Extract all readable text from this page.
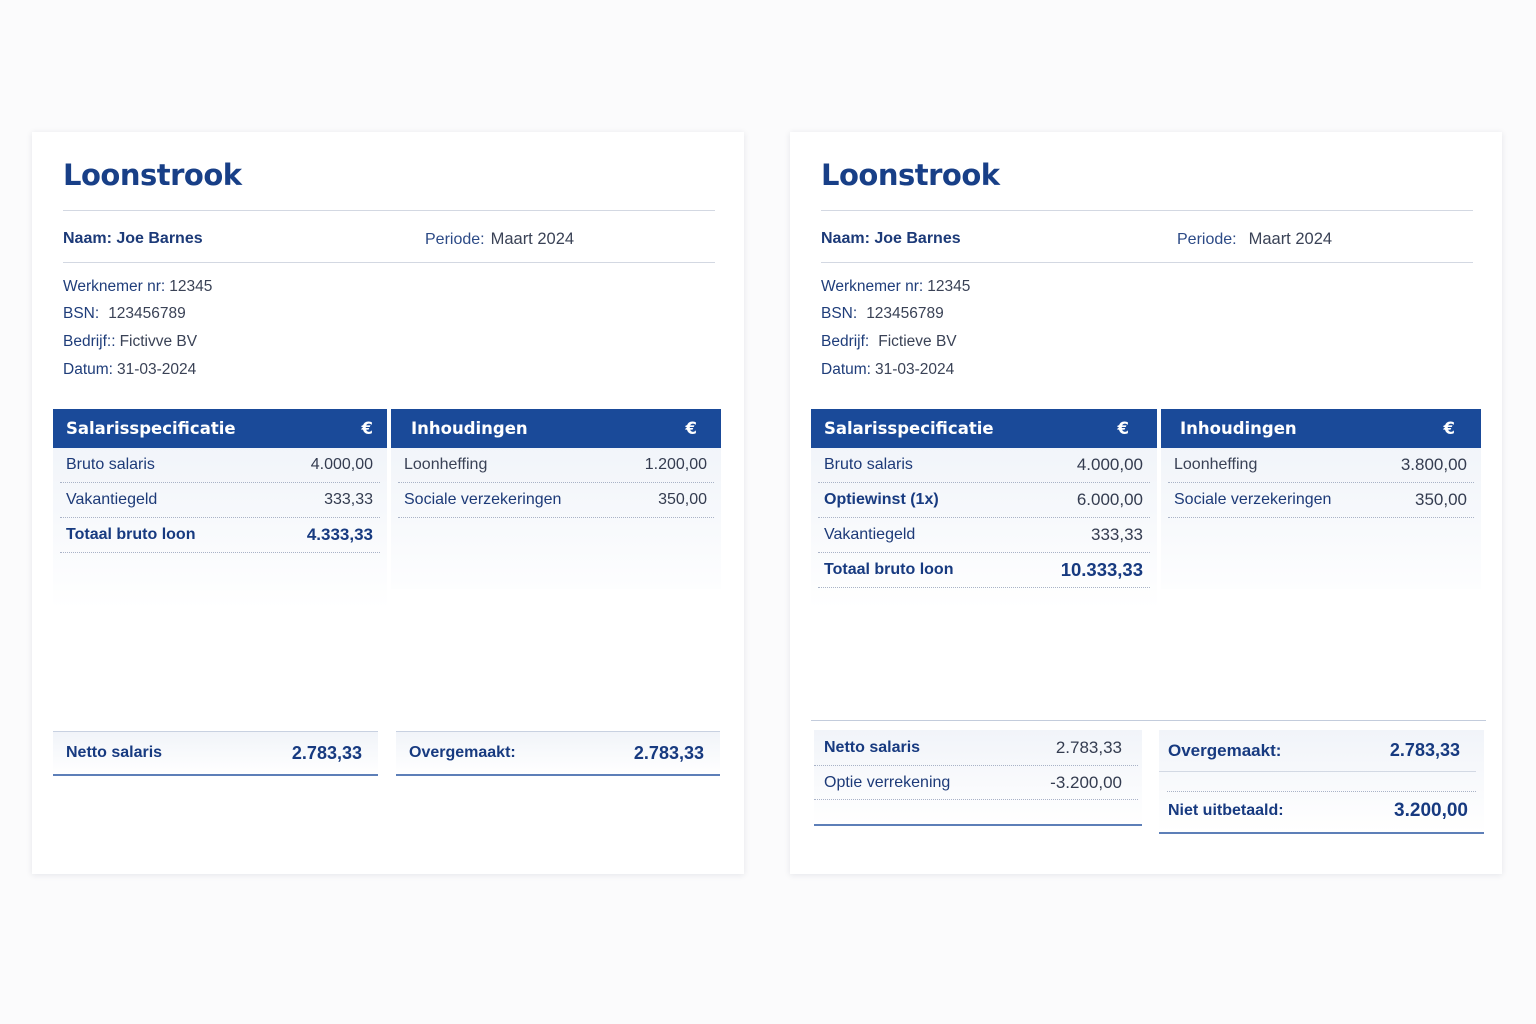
Loonstrook
Naam: Joe Barnes	Periode: Maart 2024
Werknemer nr: 12345
BSN: 123456789
Bedrijf:: Fictivve BV
Datum: 31-03-2024
Salarisspecificatie	€
Bruto salaris	4.000,00
Vakantiegeld	333,33
Totaal bruto loon	4.333,33
Inhoudingen	€
Loonheffing	1.200,00
Sociale verzekeringen	350,00
Netto salaris	2.783,33	Overgemaakt:	2.783,33
Loonstrook
Naam: Joe Barnes	Periode: Maart 2024
Werknemer nr: 12345
BSN: 123456789
Bedrijf: Fictieve BV
Datum: 31-03-2024
Salarisspecificatie	€
Bruto salaris	4.000,00
Optiewinst (1x)	6.000,00
Vakantiegeld	333,33
Totaal bruto loon	10.333,33
Inhoudingen	€
Loonheffing	3.800,00
Sociale verzekeringen	350,00
Netto salaris	2.783,33
Optie verrekening	-3.200,00
Overgemaakt:	2.783,33
Niet uitbetaald:	3.200,00
